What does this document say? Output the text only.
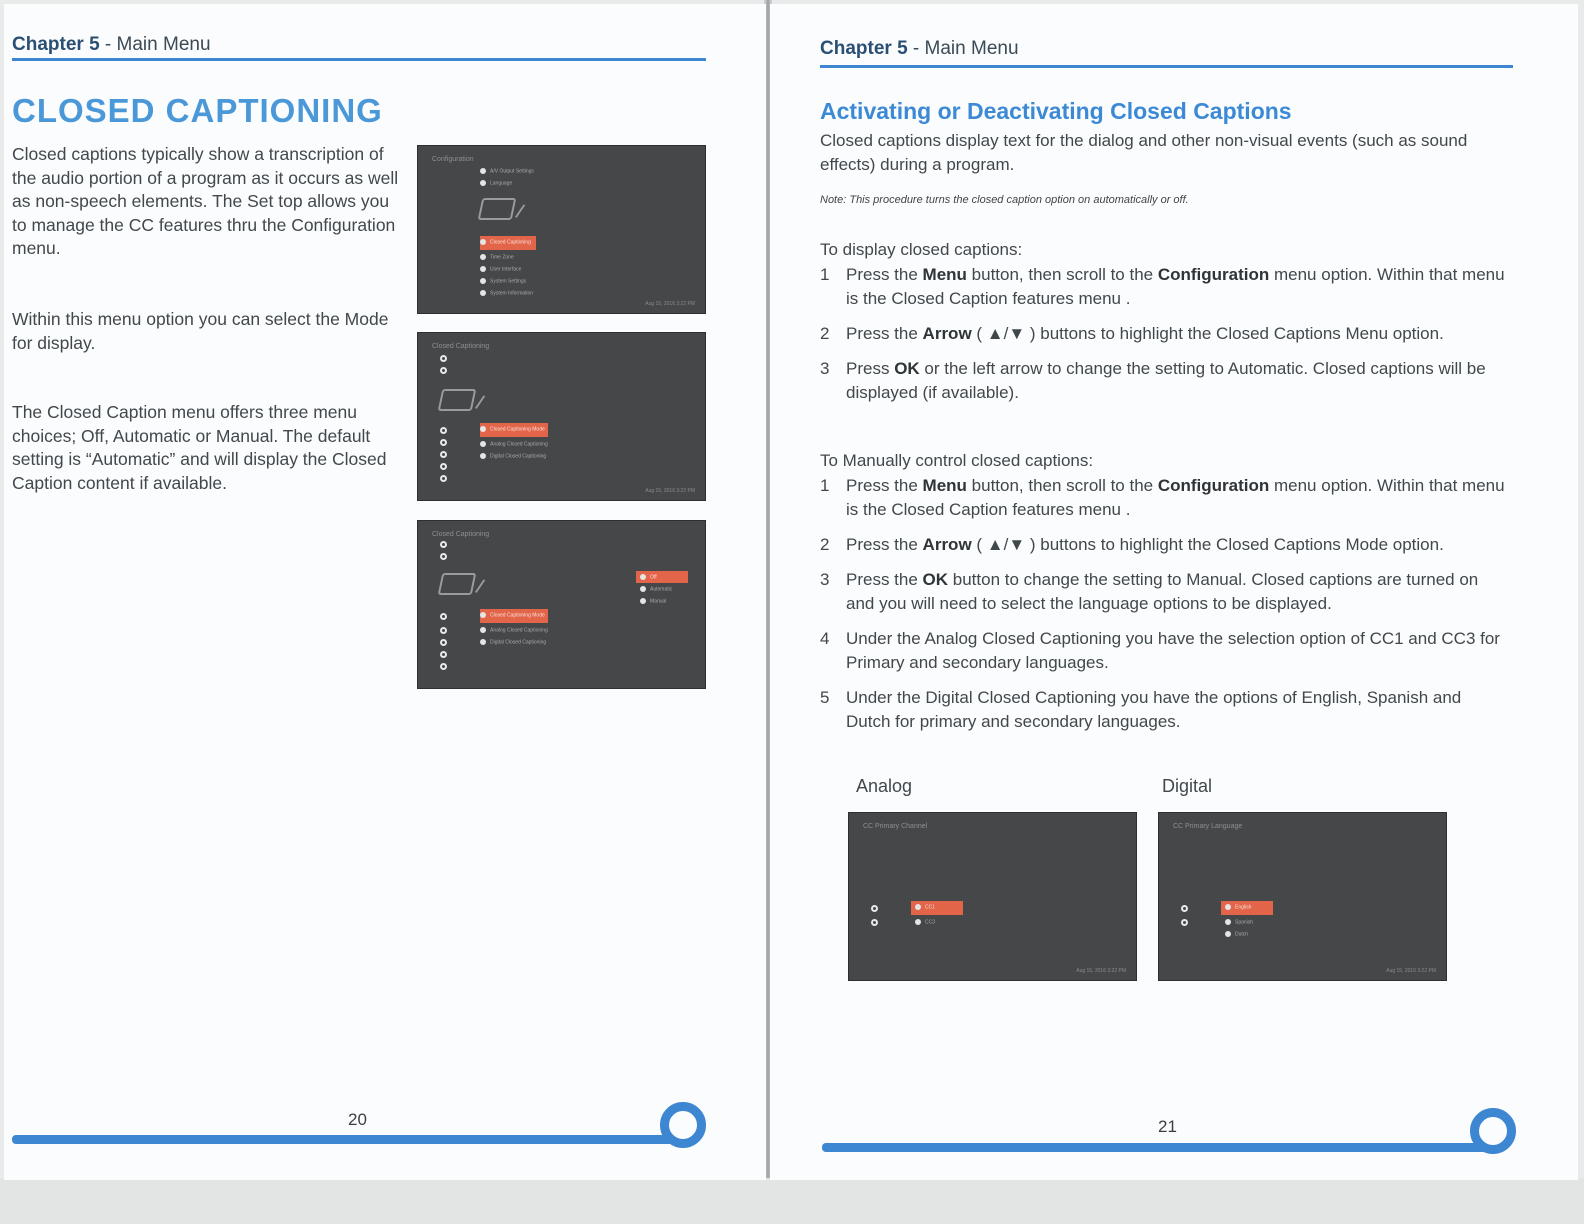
Chapter 5 - Main Menu
CLOSED CAPTIONING
Closed captions typically show a transcription of the audio portion of a program as it occurs as well as non-speech elements. The Set top allows you to manage the CC features thru the Configuration menu.
Within this menu option you can select the Mode for display.
The Closed Caption menu offers three menu choices; Off, Automatic or Manual. The default setting is “Automatic” and will display the Closed Caption content if available.
Configuration
A/V Output Settings
Language
Closed Captioning
Time Zone
User Interface
System Settings
System Information
Aug 15, 2016 3:22 PM
Closed Captioning
Closed Captioning Mode
Analog Closed Captioning
Digital Closed Captioning
Aug 15, 2016 3:22 PM
Closed Captioning
Closed Captioning Mode
Analog Closed Captioning
Digital Closed Captioning
Off
Automatic
Manual
20
Chapter 5 - Main Menu
Activating or Deactivating Closed Captions
Closed captions display text for the dialog and other non-visual events (such as sound
effects) during a program.
Note: This procedure turns the closed caption option on automatically or off.
To display closed captions:
1 Press the Menu button, then scroll to the Configuration menu option. Within that menu is the Closed Caption features menu .
2 Press the Arrow ( ▲/▼ ) buttons to highlight the Closed Captions Menu option.
3 Press OK or the left arrow to change the setting to Automatic. Closed captions will be displayed (if available).
To Manually control closed captions:
1 Press the Menu button, then scroll to the Configuration menu option. Within that menu is the Closed Caption features menu .
2 Press the Arrow ( ▲/▼ ) buttons to highlight the Closed Captions Mode option.
3 Press the OK button to change the setting to Manual. Closed captions are turned on and you will need to select the language options to be displayed.
4 Under the Analog Closed Captioning you have the selection option of CC1 and CC3 for Primary and secondary languages.
5 Under the Digital Closed Captioning you have the options of English, Spanish and Dutch for primary and secondary languages.
Analog	Digital
CC Primary Channel
CC1
CC3
Aug 15, 2016 3:22 PM
CC Primary Language
English
Spanish
Dutch
Aug 15, 2016 3:22 PM
21
